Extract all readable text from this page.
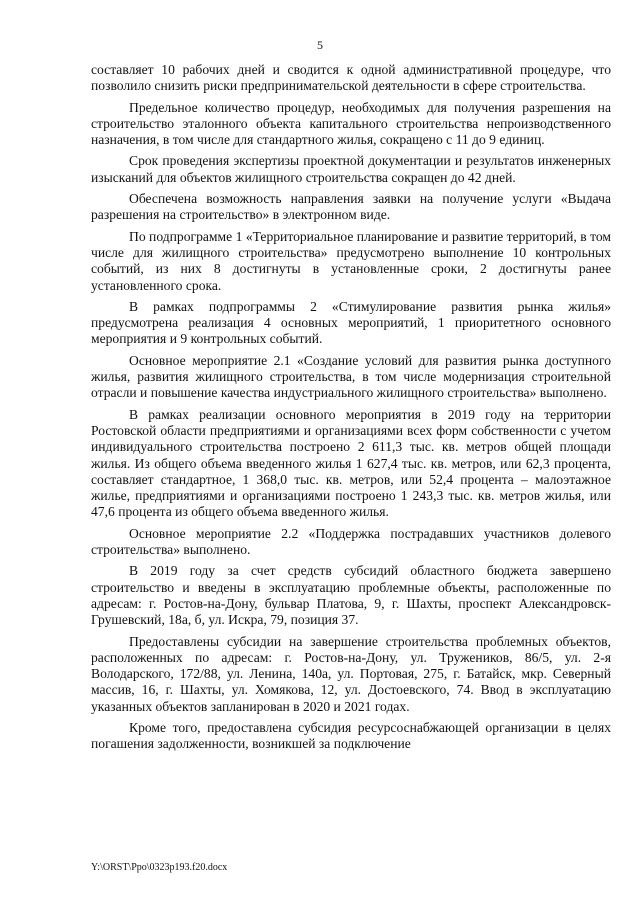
5

составляет 10 рабочих дней и сводится к одной административной процедуре, что позволило снизить риски предпринимательской деятельности в сфере строительства.

Предельное количество процедур, необходимых для получения разрешения на строительство эталонного объекта капитального строительства непроизводственного назначения, в том числе для стандартного жилья, сокращено с 11 до 9 единиц.

Срок проведения экспертизы проектной документации и результатов инженерных изысканий для объектов жилищного строительства сокращен до 42 дней.

Обеспечена возможность направления заявки на получение услуги «Выдача разрешения на строительство» в электронном виде.

По подпрограмме 1 «Территориальное планирование и развитие территорий, в том числе для жилищного строительства» предусмотрено выполнение 10 контрольных событий, из них 8 достигнуты в установленные сроки, 2 достигнуты ранее установленного срока.

В рамках подпрограммы 2 «Стимулирование развития рынка жилья» предусмотрена реализация 4 основных мероприятий, 1 приоритетного основного мероприятия и 9 контрольных событий.

Основное мероприятие 2.1 «Создание условий для развития рынка доступного жилья, развития жилищного строительства, в том числе модернизация строительной отрасли и повышение качества индустриального жилищного строительства» выполнено.

В рамках реализации основного мероприятия в 2019 году на территории Ростовской области предприятиями и организациями всех форм собственности с учетом индивидуального строительства построено 2 611,3 тыс. кв. метров общей площади жилья. Из общего объема введенного жилья 1 627,4 тыс. кв. метров, или 62,3 процента, составляет стандартное, 1 368,0 тыс. кв. метров, или 52,4 процента – малоэтажное жилье, предприятиями и организациями построено 1 243,3 тыс. кв. метров жилья, или 47,6 процента из общего объема введенного жилья.

Основное мероприятие 2.2 «Поддержка пострадавших участников долевого строительства» выполнено.

В 2019 году за счет средств субсидий областного бюджета завершено строительство и введены в эксплуатацию проблемные объекты, расположенные по адресам: г. Ростов-на-Дону, бульвар Платова, 9, г. Шахты, проспект Александровск-Грушевский, 18а, б, ул. Искра, 79, позиция 37.

Предоставлены субсидии на завершение строительства проблемных объектов, расположенных по адресам: г. Ростов-на-Дону, ул. Тружеников, 86/5, ул. 2-я Володарского, 172/88, ул. Ленина, 140а, ул. Портовая, 275, г. Батайск, мкр. Северный массив, 16, г. Шахты, ул. Хомякова, 12, ул. Достоевского, 74. Ввод в эксплуатацию указанных объектов запланирован в 2020 и 2021 годах.

Кроме того, предоставлена субсидия ресурсоснабжающей организации в целях погашения задолженности, возникшей за подключение

Y:\ORST\Ppo\0323p193.f20.docx
